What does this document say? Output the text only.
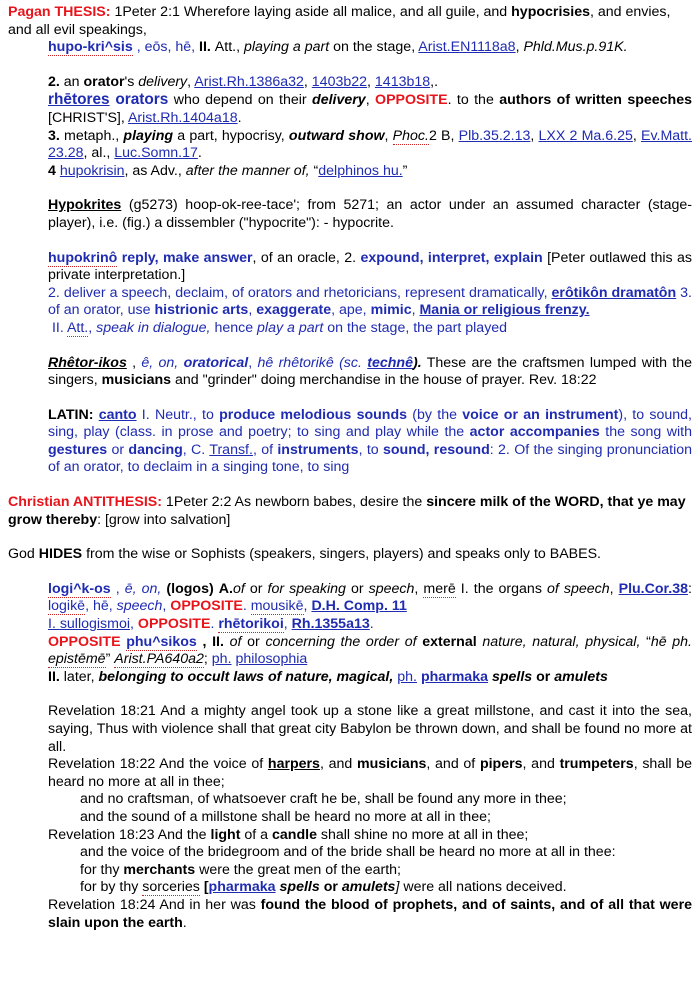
Pagan THESIS: 1Peter 2:1 Wherefore laying aside all malice, and all guile, and hypocrisies, and envies, and all evil speakings,

hupo-kri^sis , eōs, hē, II. Att., playing a part on the stage, Arist.EN1118a8, Phld.Mus.p.91K.

2. an orator's delivery, Arist.Rh.1386a32, 1403b22, 1413b18,.
rhētores orators who depend on their delivery, OPPOSITE. to the authors of written speeches [CHRIST'S], Arist.Rh.1404a18.

3. metaph., playing a part, hypocrisy, outward show, Phoc.2 B, Plb.35.2.13, LXX 2 Ma.6.25, Ev.Matt. 23.28, al., Luc.Somn.17.

4 hupokrisin, as Adv., after the manner of, “delphinos hu.”

Hypokrites (g5273) hoop-ok-ree-tace'; from 5271; an actor under an assumed character (stage-player), i.e. (fig.) a dissembler ("hypocrite"): - hypocrite.

hupokrinô reply, make answer, of an oracle, 2. expound, interpret, explain [Peter outlawed this as private interpretation.]

2. deliver a speech, declaim, of orators and rhetoricians, represent dramatically, erôtikôn dramatôn 3. of an orator, use histrionic arts, exaggerate, ape, mimic, Mania or religious frenzy.

II. Att., speak in dialogue, hence play a part on the stage, the part played

Rhêtor-ikos , ê, on, oratorical, hê rhêtorikê (sc. technê). These are the craftsmen lumped with the singers, musicians and "grinder" doing merchandise in the house of prayer. Rev. 18:22

LATIN: canto I. Neutr., to produce melodious sounds (by the voice or an instrument), to sound, sing, play (class. in prose and poetry; to sing and play while the actor accompanies the song with gestures or dancing, C. Transf., of instruments, to sound, resound: 2. Of the singing pronunciation of an orator, to declaim in a singing tone, to sing

Christian ANTITHESIS: 1Peter 2:2 As newborn babes, desire the sincere milk of the WORD, that ye may grow thereby: [grow into salvation]

God HIDES from the wise or Sophists (speakers, singers, players) and speaks only to BABES.

logi^k-os , ē, on, (logos) A.of or for speaking or speech, merē I. the organs of speech, Plu.Cor.38: logikē, hē, speech, OPPOSITE. mousikē, D.H. Comp. 11

I. sullogismoi, OPPOSITE. rhētorikoi, Rh.1355a13.

OPPOSITE phu^sikos , II. of or concerning the order of external nature, natural, physical, “hē ph. epistēmē” Arist.PA640a2; ph. philosophia

II. later, belonging to occult laws of nature, magical, ph. pharmaka spells or amulets

Revelation 18:21 And a mighty angel took up a stone like a great millstone, and cast it into the sea, saying, Thus with violence shall that great city Babylon be thrown down, and shall be found no more at all.

Revelation 18:22 And the voice of harpers, and musicians, and of pipers, and trumpeters, shall be heard no more at all in thee;

and no craftsman, of whatsoever craft he be, shall be found any more in thee;

and the sound of a millstone shall be heard no more at all in thee;

Revelation 18:23 And the light of a candle shall shine no more at all in thee;

and the voice of the bridegroom and of the bride shall be heard no more at all in thee:

for thy merchants were the great men of the earth;

for by thy sorceries [pharmaka spells or amulets] were all nations deceived.

Revelation 18:24 And in her was found the blood of prophets, and of saints, and of all that were slain upon the earth.
